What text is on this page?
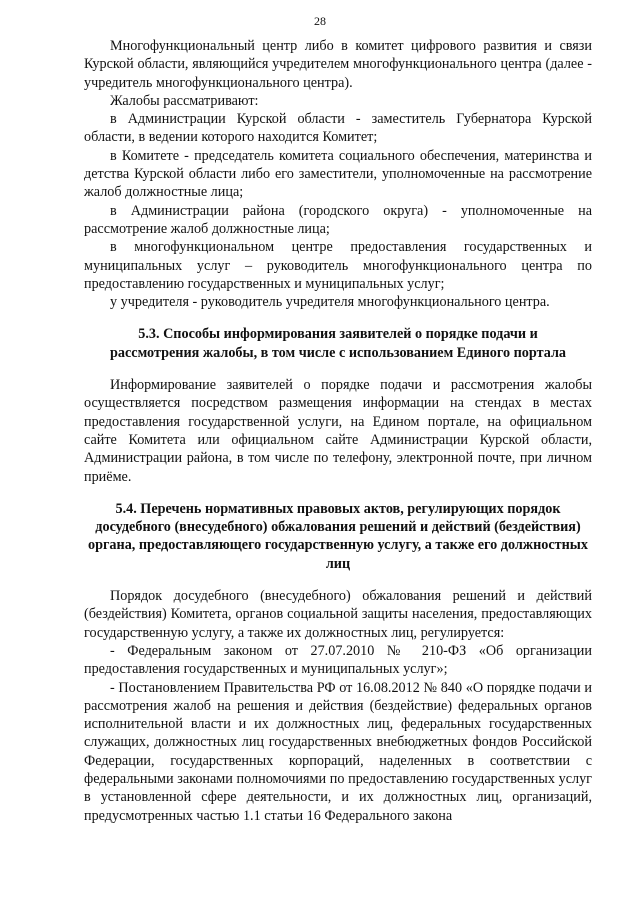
28

Многофункциональный центр либо в комитет цифрового развития и связи Курской области, являющийся учредителем многофункционального центра (далее - учредитель многофункционального центра).

Жалобы рассматривают:

в Администрации Курской области - заместитель Губернатора Курской области, в ведении которого находится Комитет;

в Комитете - председатель комитета социального обеспечения, материнства и детства Курской области либо его заместители, уполномоченные на рассмотрение жалоб должностные лица;

в Администрации района (городского округа) - уполномоченные на рассмотрение жалоб должностные лица;

в многофункциональном центре предоставления государственных и муниципальных услуг – руководитель многофункционального центра по предоставлению государственных и муниципальных услуг;

у учредителя - руководитель учредителя многофункционального центра.

5.3. Способы информирования заявителей о порядке подачи и рассмотрения жалобы, в том числе с использованием Единого портала

Информирование заявителей о порядке подачи и рассмотрения жалобы осуществляется посредством размещения информации на стендах в местах предоставления государственной услуги, на Едином портале, на официальном сайте Комитета или официальном сайте Администрации Курской области, Администрации района, в том числе по телефону, электронной почте, при личном приёме.

5.4. Перечень нормативных правовых актов, регулирующих порядок досудебного (внесудебного) обжалования решений и действий (бездействия) органа, предоставляющего государственную услугу, а также его должностных лиц

Порядок досудебного (внесудебного) обжалования решений и действий (бездействия) Комитета, органов социальной защиты населения, предоставляющих государственную услугу, а также их должностных лиц, регулируется:

- Федеральным законом от 27.07.2010 № 210-ФЗ «Об организации предоставления государственных и муниципальных услуг»;

- Постановлением Правительства РФ от 16.08.2012 № 840 «О порядке подачи и рассмотрения жалоб на решения и действия (бездействие) федеральных органов исполнительной власти и их должностных лиц, федеральных государственных служащих, должностных лиц государственных внебюджетных фондов Российской Федерации, государственных корпораций, наделенных в соответствии с федеральными законами полномочиями по предоставлению государственных услуг в установленной сфере деятельности, и их должностных лиц, организаций, предусмотренных частью 1.1 статьи 16 Федерального закона
